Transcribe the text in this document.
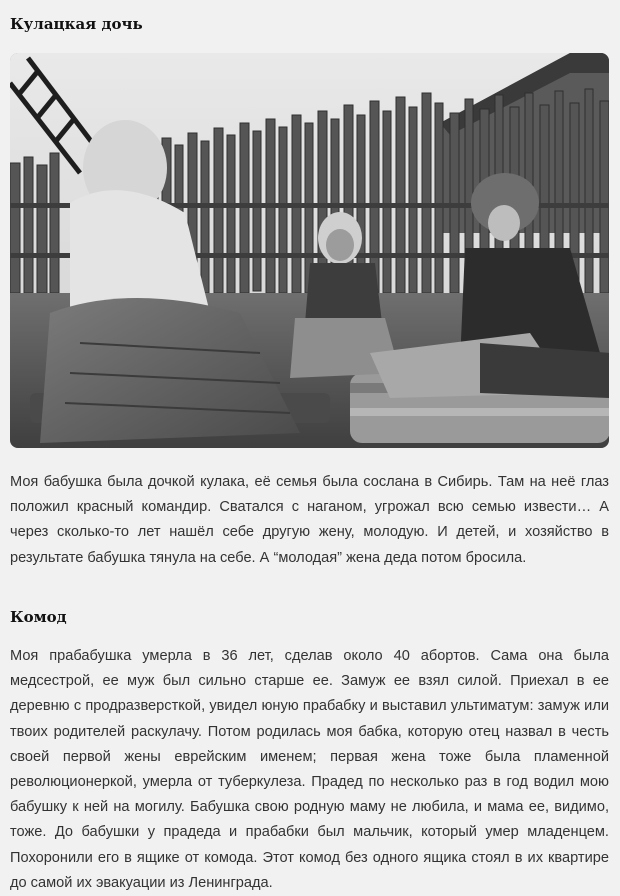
Кулацкая дочь

Моя бабушка была дочкой кулака, её семья была сослана в Сибирь. Там на неё глаз положил красный командир. Сватался с наганом, угрожал всю семью извести… А через сколько-то лет нашёл себе другую жену, молодую. И детей, и хозяйство в результате бабушка тянула на себе. А “молодая” жена деда потом бросила.

Комод

Моя прабабушка умерла в 36 лет, сделав около 40 абортов. Сама она была медсестрой, ее муж был сильно старше ее. Замуж ее взял силой. Приехал в ее деревню с продразверсткой, увидел юную прабабку и выставил ультиматум: замуж или твоих родителей раскулачу. Потом родилась моя бабка, которую отец назвал в честь своей первой жены еврейским именем; первая жена тоже была пламенной революционеркой, умерла от туберкулеза. Прадед по несколько раз в год водил мою бабушку к ней на могилу. Бабушка свою родную маму не любила, и мама ее, видимо, тоже. До бабушки у прадеда и прабабки был мальчик, который умер младенцем. Похоронили его в ящике от комода. Этот комод без одного ящика стоял в их квартире до самой их эвакуации из Ленинграда.
